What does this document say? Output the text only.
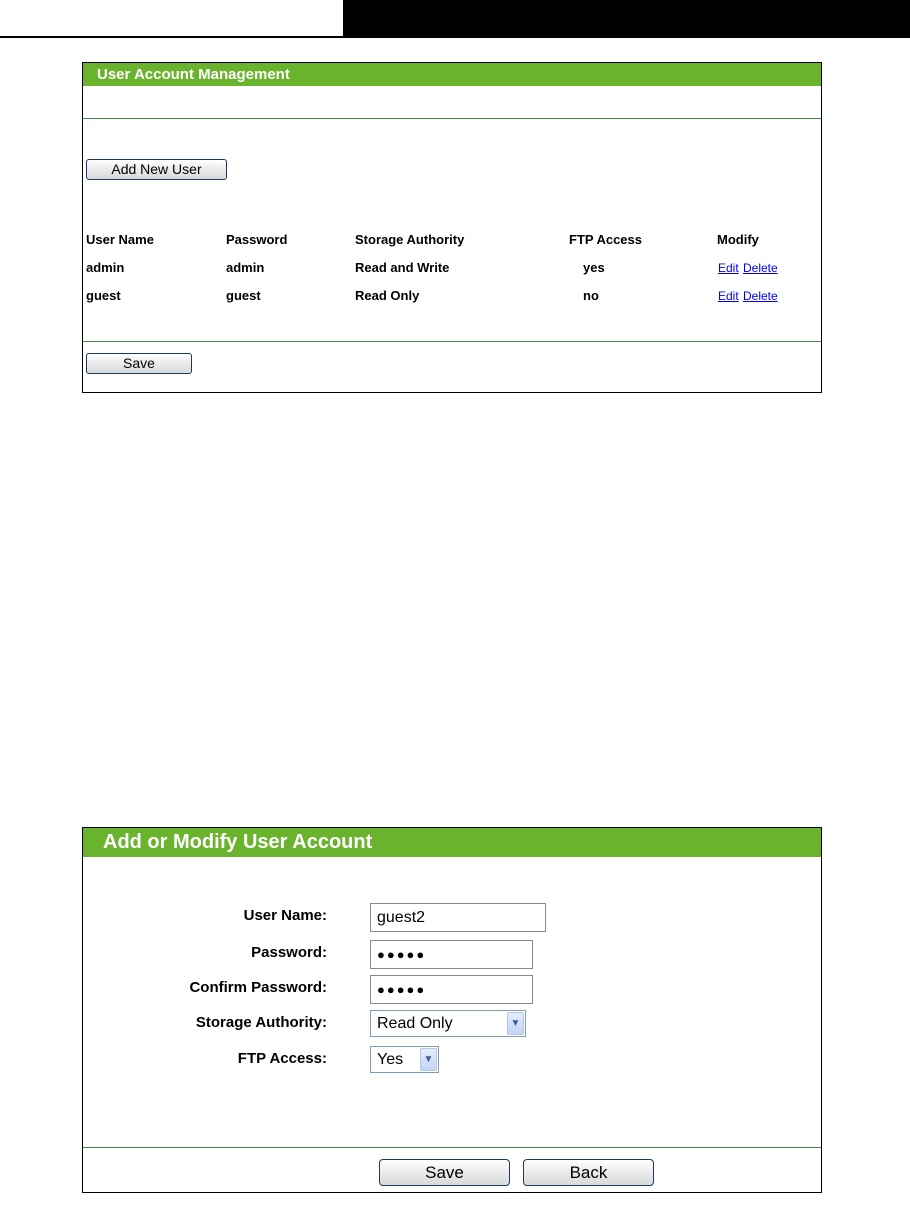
User Account Management
Add New User
User Name	Password	Storage Authority	FTP Access	Modify
admin	admin	Read and Write	yes	Edit Delete
guest	guest	Read Only	no	Edit Delete
Save
Add or Modify User Account
User Name:	guest2
Password:	●●●●●
Confirm Password:	●●●●●
Storage Authority:	Read Only	▼
FTP Access:	Yes	▼
Save	Back
